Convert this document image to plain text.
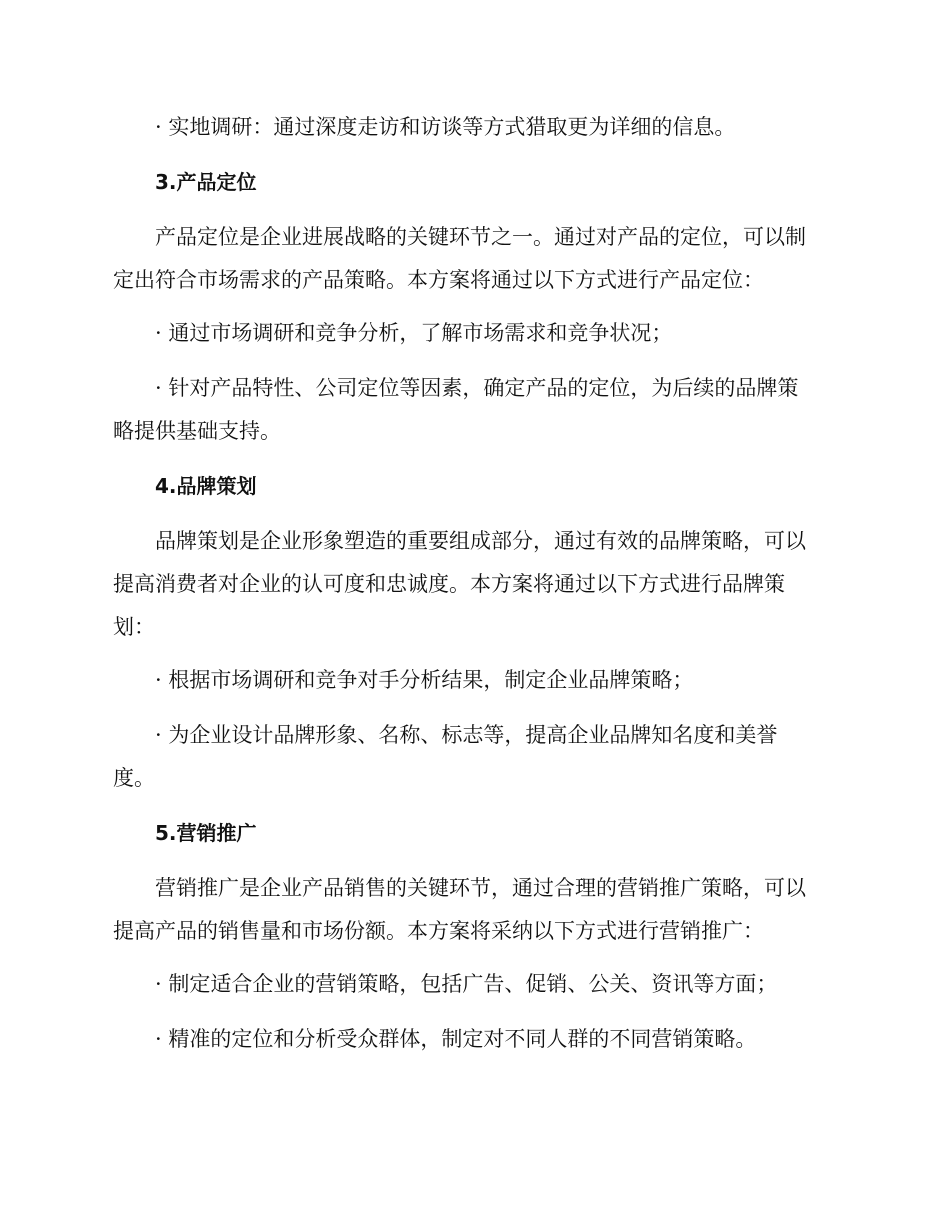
· 实地调研：通过深度走访和访谈等方式猎取更为详细的信息。
3.产品定位
产品定位是企业进展战略的关键环节之一。通过对产品的定位，可以制
定出符合市场需求的产品策略。本方案将通过以下方式进行产品定位：
· 通过市场调研和竞争分析，了解市场需求和竞争状况；
· 针对产品特性、公司定位等因素，确定产品的定位，为后续的品牌策
略提供基础支持。
4.品牌策划
品牌策划是企业形象塑造的重要组成部分，通过有效的品牌策略，可以
提高消费者对企业的认可度和忠诚度。本方案将通过以下方式进行品牌策
划：
· 根据市场调研和竞争对手分析结果，制定企业品牌策略；
· 为企业设计品牌形象、名称、标志等，提高企业品牌知名度和美誉
度。
5.营销推广
营销推广是企业产品销售的关键环节，通过合理的营销推广策略，可以
提高产品的销售量和市场份额。本方案将采纳以下方式进行营销推广：
· 制定适合企业的营销策略，包括广告、促销、公关、资讯等方面；
· 精准的定位和分析受众群体，制定对不同人群的不同营销策略。
